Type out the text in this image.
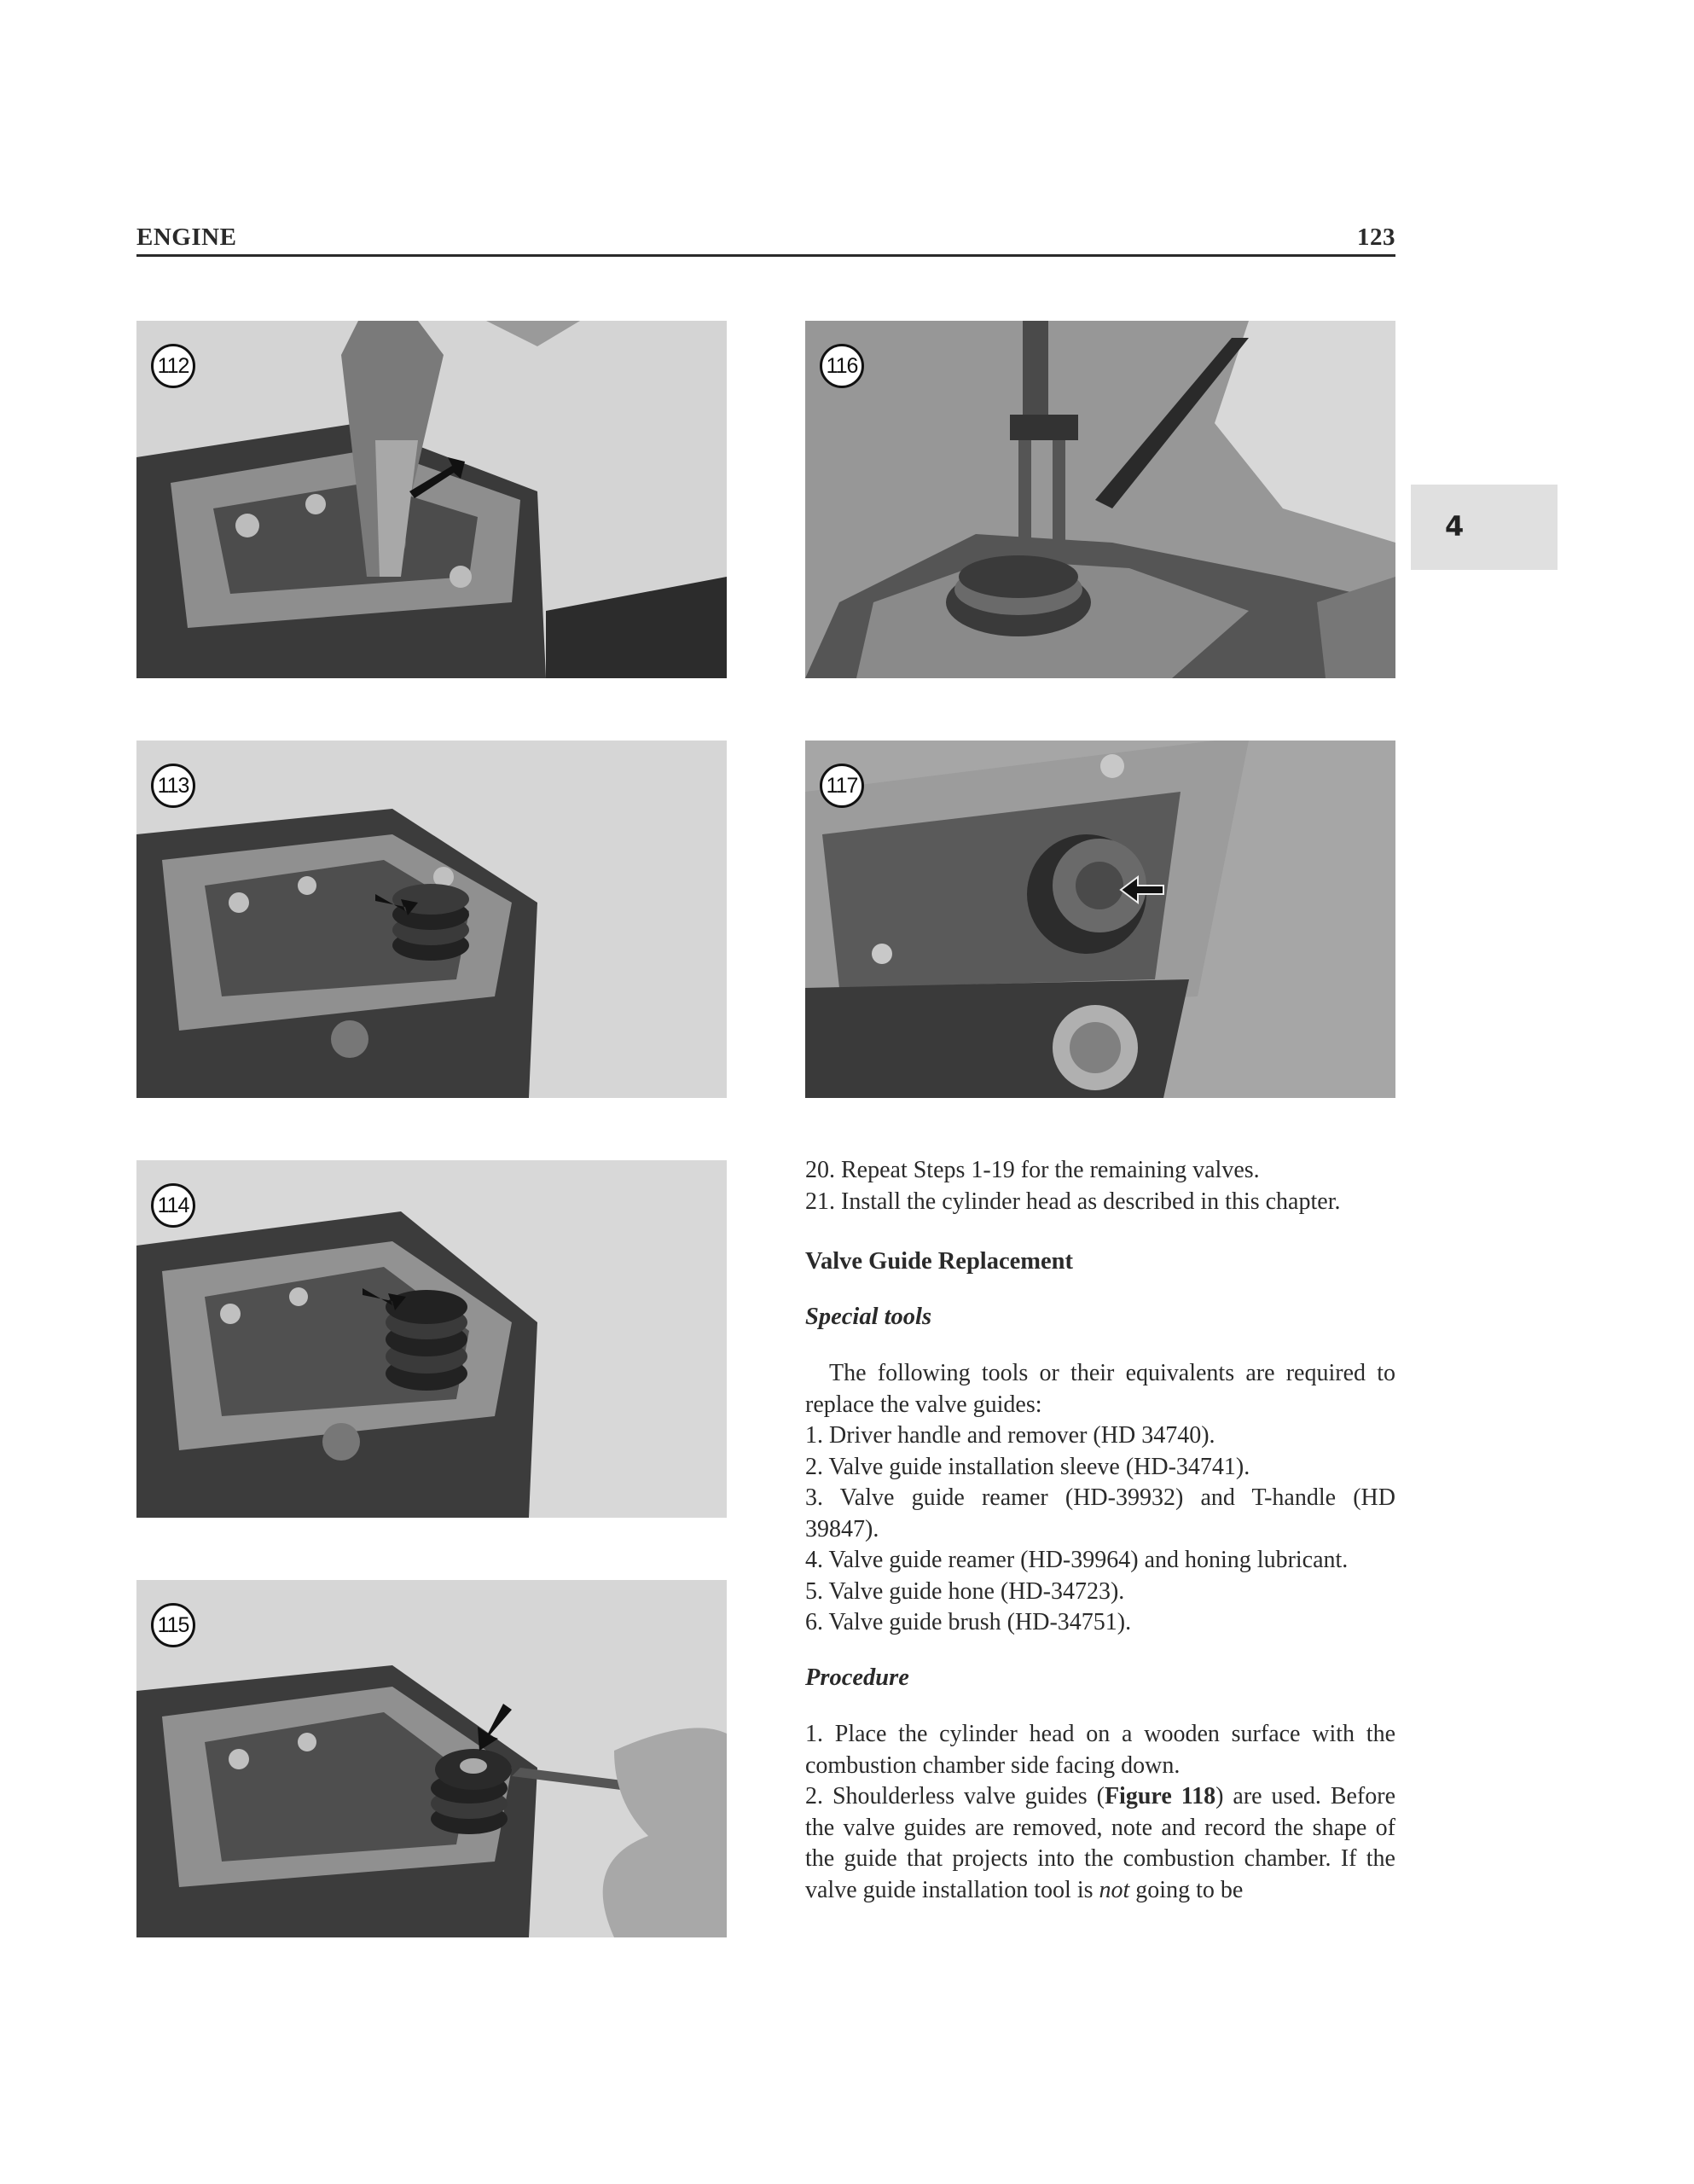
ENGINE	123
4
112	116
113	117
114
115

20. Repeat Steps 1-19 for the remaining valves.

21. Install the cylinder head as described in this chapter.

Valve Guide Replacement

Special tools

The following tools or their equivalents are required to replace the valve guides:

1. Driver handle and remover (HD 34740).

2. Valve guide installation sleeve (HD-34741).

3. Valve guide reamer (HD-39932) and T-handle (HD 39847).

4. Valve guide reamer (HD-39964) and honing lubricant.

5. Valve guide hone (HD-34723).

6. Valve guide brush (HD-34751).

Procedure

1. Place the cylinder head on a wooden surface with the combustion chamber side facing down.

2. Shoulderless valve guides (Figure 118) are used. Before the valve guides are removed, note and record the shape of the guide that projects into the combustion chamber. If the valve guide installation tool is not going to be
